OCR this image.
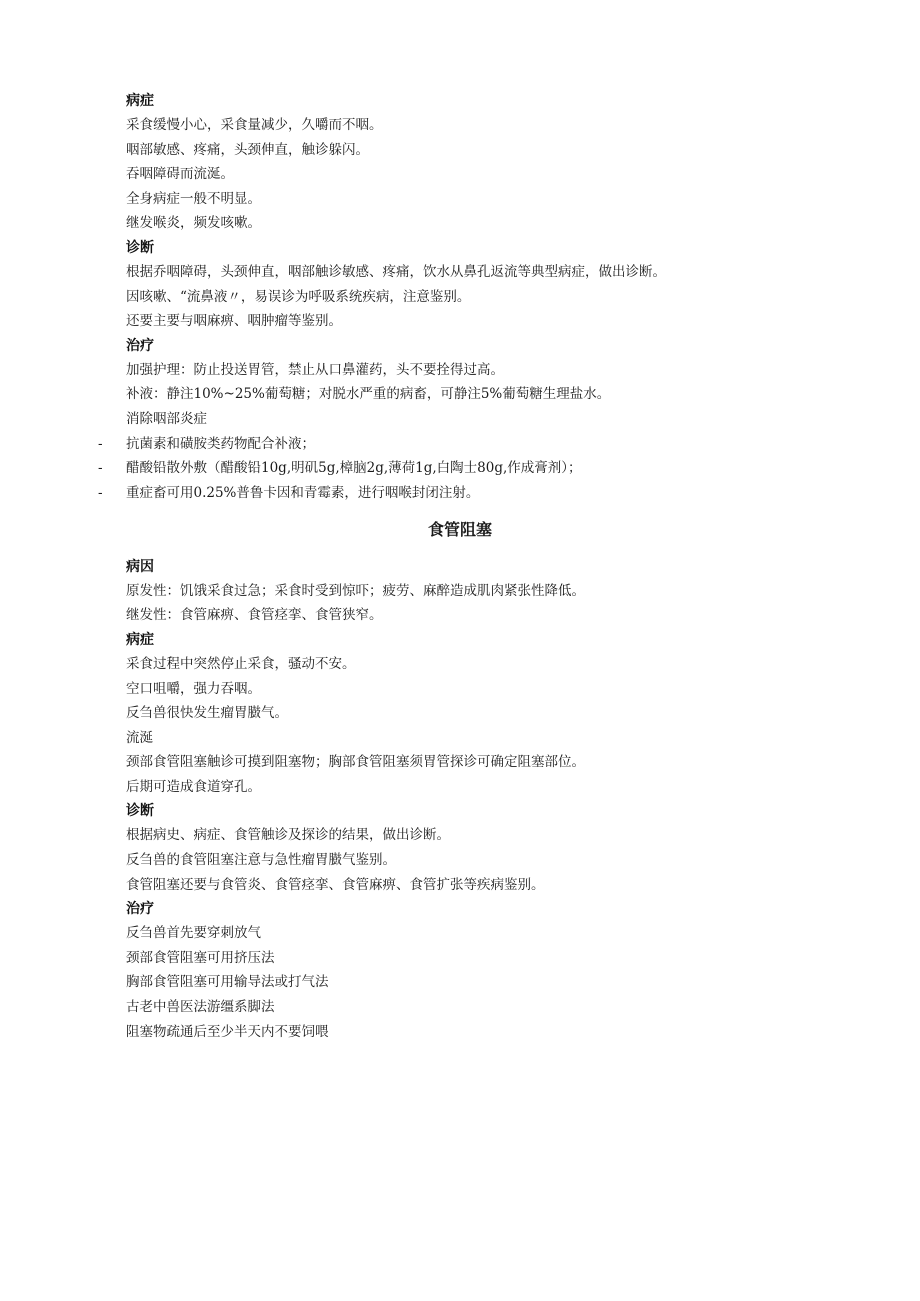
病症
采食缓慢小心，采食量减少，久嚼而不咽。
咽部敏感、疼痛，头颈伸直，触诊躲闪。
吞咽障碍而流涎。
全身病症一般不明显。
继发喉炎，频发咳嗽。
诊断
根据乔咽障碍，头颈伸直，咽部触诊敏感、疼痛，饮水从鼻孔返流等典型病症，做出诊断。
因咳嗽、“流鼻液〃，易误诊为呼吸系统疾病，注意鉴别。
还要主要与咽麻痹、咽肿瘤等鉴别。
治疗
加强护理：防止投送胃管，禁止从口鼻灌药，头不要拴得过高。
补液：静注10%~25%葡萄糖；对脱水严重的病畜，可静注5%葡萄糖生理盐水。
消除咽部炎症
- 抗菌素和磺胺类药物配合补液；
- 醋酸铅散外敷（醋酸铅10g,明矶5g,樟脑2g,薄荷1g,白陶士80g,作成膏剂）；
- 重症畜可用0.25%普鲁卡因和青霉素，进行咽喉封闭注射。
食管阻塞
病因
原发性：饥饿采食过急；采食时受到惊吓；疲劳、麻醉造成肌肉紧张性降低。
继发性：食管麻痹、食管痉挛、食管狭窄。
病症
采食过程中突然停止采食，骚动不安。
空口咀嚼，强力吞咽。
反刍兽很快发生瘤胃臌气。
流涎
颈部食管阻塞触诊可摸到阻塞物；胸部食管阻塞须胃管探诊可确定阻塞部位。
后期可造成食道穿孔。
诊断
根据病史、病症、食管触诊及探诊的结果，做出诊断。
反刍兽的食管阻塞注意与急性瘤胃臌气鉴别。
食管阻塞还要与食管炎、食管痉挛、食管麻痹、食管扩张等疾病鉴别。
治疗
反刍兽首先要穿刺放气
颈部食管阻塞可用挤压法
胸部食管阻塞可用输导法或打气法
古老中兽医法游缰系脚法
阻塞物疏通后至少半天内不要饲喂
